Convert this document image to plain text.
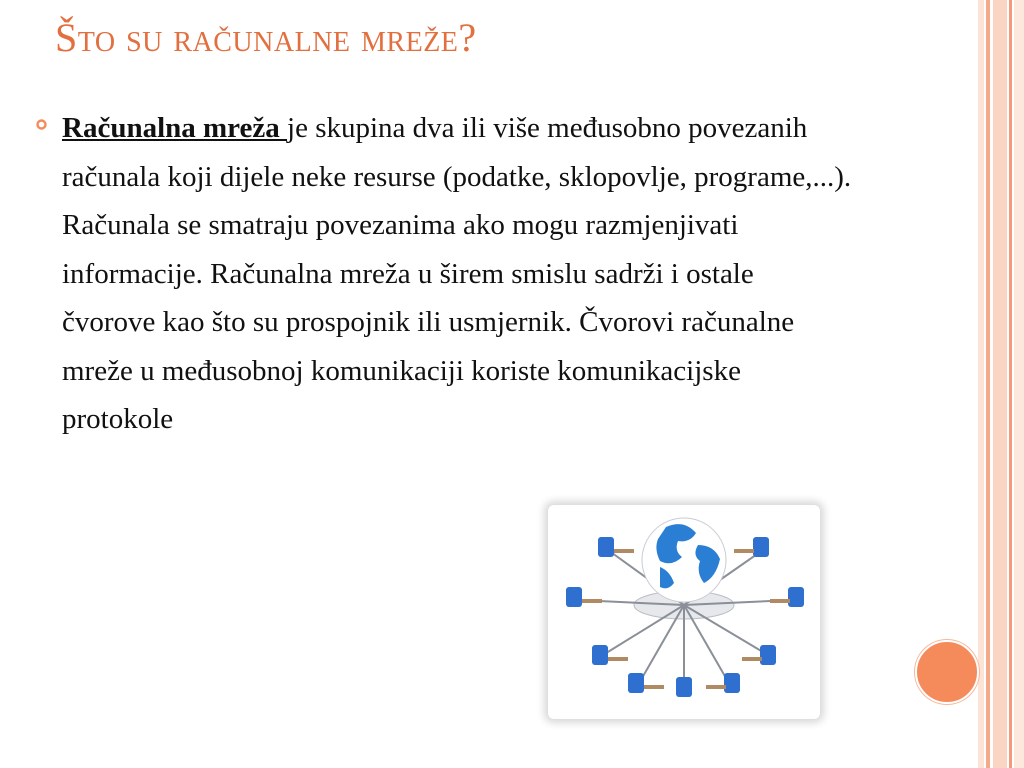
Što su računalne mreže?

Računalna mreža je skupina dva ili više međusobno povezanih računala koji dijele neke resurse (podatke, sklopovlje, programe,...). Računala se smatraju povezanima ako mogu razmjenjivati informacije. Računalna mreža u širem smislu sadrži i ostale čvorove kao što su prospojnik ili usmjernik. Čvorovi računalne mreže u međusobnoj komunikaciji koriste komunikacijske protokole
